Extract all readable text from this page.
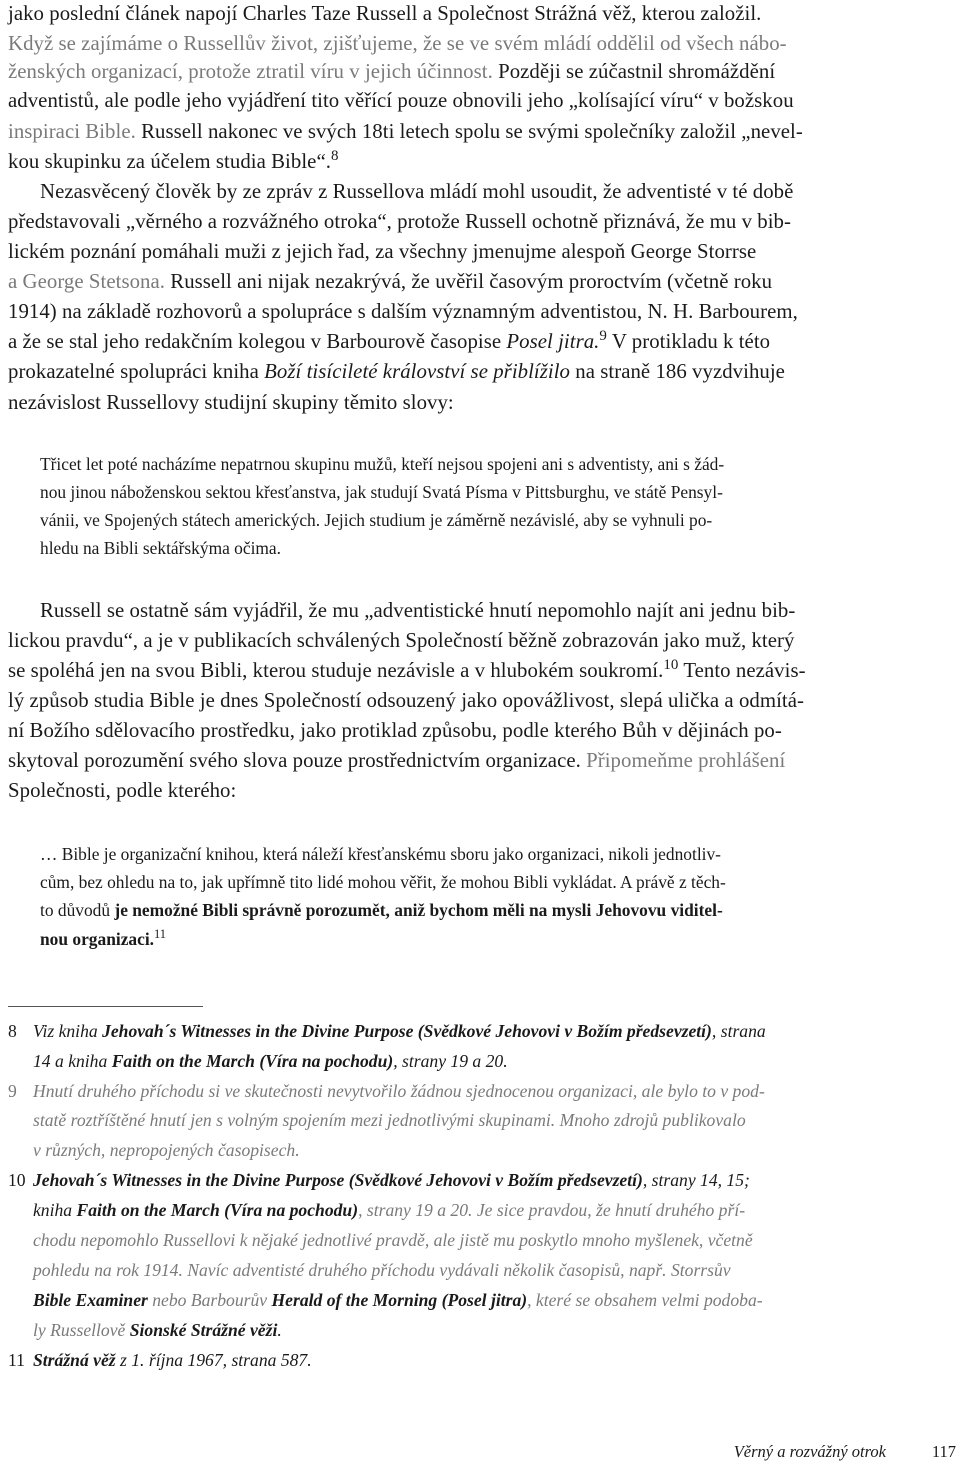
jako poslední článek napojí Charles Taze Russell a Společnost Strážná věž, kterou založil.
Když se zajímáme o Russellův život, zjišťujeme, že se ve svém mládí oddělil od všech nábo-
ženských organizací, protože ztratil víru v jejich účinnost. Později se zúčastnil shromáždění
adventistů, ale podle jeho vyjádření tito věřící pouze obnovili jeho „kolísající víru“ v božskou
inspiraci Bible. Russell nakonec ve svých 18ti letech spolu se svými společníky založil „nevel-
kou skupinku za účelem studia Bible“.$^8$
Nezasvěcený člověk by ze zpráv z Russellova mládí mohl usoudit, že adventisté v té době
představovali „věrného a rozvážného otroka“, protože Russell ochotně přiznává, že mu v bib-
lickém poznání pomáhali muži z jejich řad, za všechny jmenujme alespoň George Storrse
a George Stetsona. Russell ani nijak nezakrývá, že uvěřil časovým proroctvím (včetně roku
1914) na základě rozhovorů a spolupráce s dalším významným adventistou, N. H. Barbourem,
a že se stal jeho redakčním kolegou v Barbourově časopise Posel jitra.$^9$ V protikladu k této
prokazatelné spolupráci kniha Boží tisícileté království se přiblížilo na straně 186 vyzdvihuje
nezávislost Russellovy studijní skupiny těmito slovy:
Třicet let poté nacházíme nepatrnou skupinu mužů, kteří nejsou spojeni ani s adventisty, ani s žád-
nou jinou náboženskou sektou křesťanstva, jak studují Svatá Písma v Pittsburghu, ve státě Pensyl-
vánii, ve Spojených státech amerických. Jejich studium je záměrně nezávislé, aby se vyhnuli po-
hledu na Bibli sektářskýma očima.
Russell se ostatně sám vyjádřil, že mu „adventistické hnutí nepomohlo najít ani jednu bib-
lickou pravdu“, a je v publikacích schválených Společností běžně zobrazován jako muž, který
se spoléhá jen na svou Bibli, kterou studuje nezávisle a v hlubokém soukromí.$^{10}$ Tento nezávis-
lý způsob studia Bible je dnes Společností odsouzený jako opovážlivost, slepá ulička a odmítá-
ní Božího sdělovacího prostředku, jako protiklad způsobu, podle kterého Bůh v dějinách po-
skytoval porozumění svého slova pouze prostřednictvím organizace. Připomeňme prohlášení
Společnosti, podle kterého:
… Bible je organizační knihou, která náleží křesťanskému sboru jako organizaci, nikoli jednotliv-
cům, bez ohledu na to, jak upřímně tito lidé mohou věřit, že mohou Bibli vykládat. A právě z těch-
to důvodů je nemožné Bibli správně porozumět, aniž bychom měli na mysli Jehovovu viditel-
nou organizaci.$^{11}$
8 Viz kniha Jehovah´s Witnesses in the Divine Purpose (Svědkové Jehovovi v Božím předsevzetí), strana
14 a kniha Faith on the March (Víra na pochodu), strany 19 a 20.
9 Hnutí druhého příchodu si ve skutečnosti nevytvořilo žádnou sjednocenou organizaci, ale bylo to v pod-
statě roztříštěné hnutí jen s volným spojením mezi jednotlivými skupinami. Mnoho zdrojů publikovalo
v různých, nepropojených časopisech.
10 Jehovah´s Witnesses in the Divine Purpose (Svědkové Jehovovi v Božím předsevzetí), strany 14, 15;
kniha Faith on the March (Víra na pochodu), strany 19 a 20. Je sice pravdou, že hnutí druhého pří-
chodu nepomohlo Russellovi k nějaké jednotlivé pravdě, ale jistě mu poskytlo mnoho myšlenek, včetně
pohledu na rok 1914. Navíc adventisté druhého příchodu vydávali několik časopisů, např. Storrsův
Bible Examiner nebo Barbourův Herald of the Morning (Posel jitra), které se obsahem velmi podoba-
ly Russellově Sionské Strážné věži.
11 Strážná věž z 1. října 1967, strana 587.
Věrný a rozvážný otrok	117
